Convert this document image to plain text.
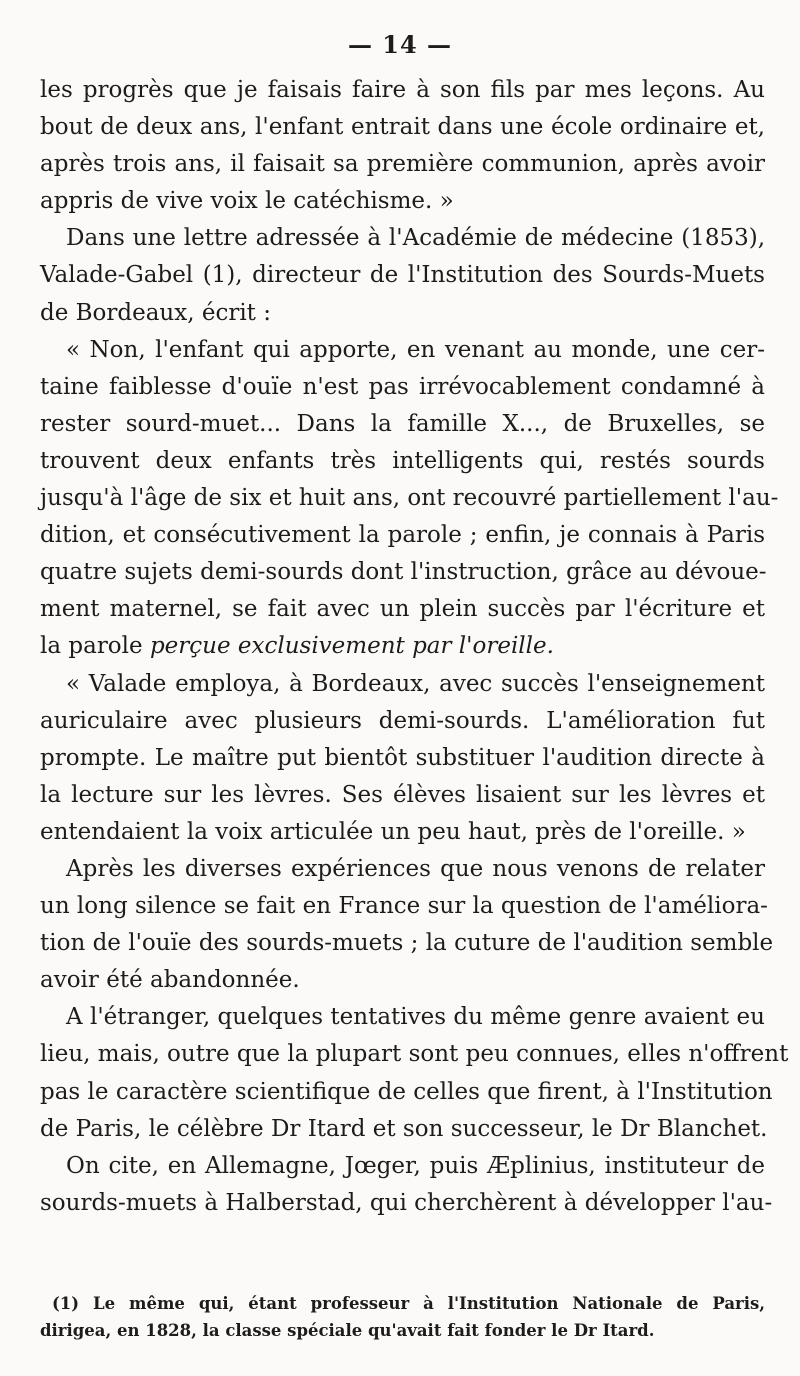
— 14 —
les progrès que je faisais faire à son fils par mes leçons. Au
bout de deux ans, l'enfant entrait dans une école ordinaire et,
après trois ans, il faisait sa première communion, après avoir
appris de vive voix le catéchisme. »
Dans une lettre adressée à l'Académie de médecine (1853),
Valade-Gabel (1), directeur de l'Institution des Sourds-Muets
de Bordeaux, écrit :
« Non, l'enfant qui apporte, en venant au monde, une cer-
taine faiblesse d'ouïe n'est pas irrévocablement condamné à
rester sourd-muet... Dans la famille X..., de Bruxelles, se
trouvent deux enfants très intelligents qui, restés sourds
jusqu'à l'âge de six et huit ans, ont recouvré partiellement l'au-
dition, et consécutivement la parole ; enfin, je connais à Paris
quatre sujets demi-sourds dont l'instruction, grâce au dévoue-
ment maternel, se fait avec un plein succès par l'écriture et
la parole perçue exclusivement par l'oreille.
« Valade employa, à Bordeaux, avec succès l'enseignement
auriculaire avec plusieurs demi-sourds. L'amélioration fut
prompte. Le maître put bientôt substituer l'audition directe à
la lecture sur les lèvres. Ses élèves lisaient sur les lèvres et
entendaient la voix articulée un peu haut, près de l'oreille. »
Après les diverses expériences que nous venons de relater
un long silence se fait en France sur la question de l'améliora-
tion de l'ouïe des sourds-muets ; la cuture de l'audition semble
avoir été abandonnée.
A l'étranger, quelques tentatives du même genre avaient eu
lieu, mais, outre que la plupart sont peu connues, elles n'offrent
pas le caractère scientifique de celles que firent, à l'Institution
de Paris, le célèbre Dr Itard et son successeur, le Dr Blanchet.
On cite, en Allemagne, Jœger, puis Æplinius, instituteur de
sourds-muets à Halberstad, qui cherchèrent à développer l'au-
(1) Le même qui, étant professeur à l'Institution Nationale de Paris,
dirigea, en 1828, la classe spéciale qu'avait fait fonder le Dr Itard.
